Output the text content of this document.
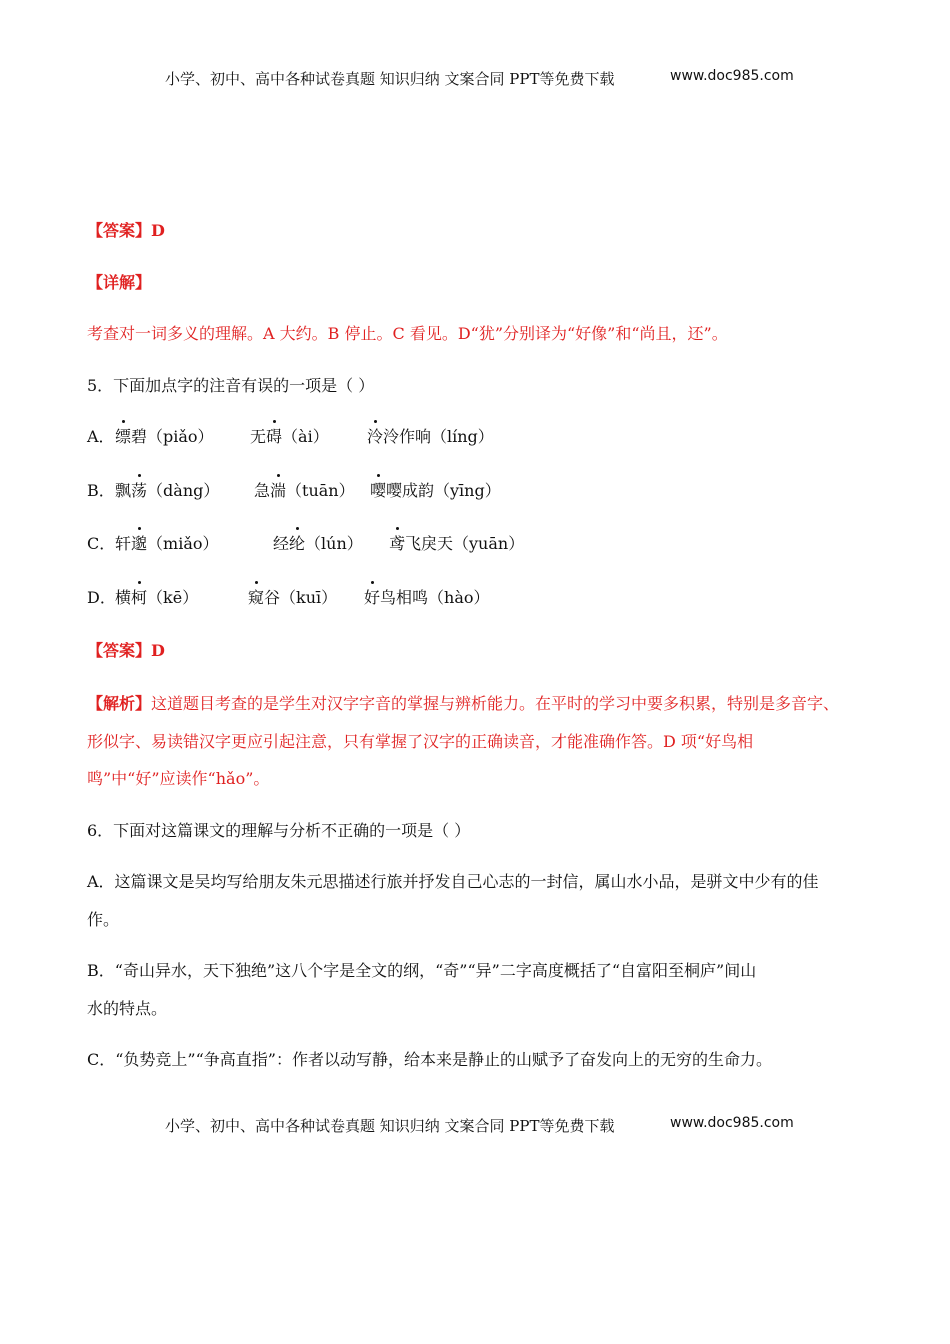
小学、初中、高中各种试卷真题 知识归纳 文案合同 PPT等免费下载	www.doc985.com
【答案】D
【详解】
考查对一词多义的理解。A 大约。B 停止。C 看见。D“犹”分别译为“好像”和“尚且，还”。
5．下面加点字的注音有误的一项是（ ）
A． 缥碧（piǎo） 无碍（ài） 泠泠作响（líng）
B． 飘荡（dàng） 急湍（tuān） 嘤嘤成韵（yīng）
C． 轩邈（miǎo）	经纶（lún） 鸢飞戾天（yuān）
D． 横柯（kē）	窥谷（kuī） 好鸟相鸣（hào）
【答案】D
【解析】这道题目考查的是学生对汉字字音的掌握与辨析能力。在平时的学习中要多积累，特别是多音字、
形似字、易读错汉字更应引起注意，只有掌握了汉字的正确读音，才能准确作答。D 项“好鸟相
鸣”中“好”应读作“hǎo”。
6．下面对这篇课文的理解与分析不正确的一项是（ ）
A．这篇课文是吴均写给朋友朱元思描述行旅并抒发自己心志的一封信，属山水小品，是骈文中少有的佳
作。
B．“奇山异水，天下独绝”这八个字是全文的纲，“奇”“异”二字高度概括了“自富阳至桐庐”间山
水的特点。
C．“负势竞上”“争高直指”：作者以动写静，给本来是静止的山赋予了奋发向上的无穷的生命力。
小学、初中、高中各种试卷真题 知识归纳 文案合同 PPT等免费下载	www.doc985.com
